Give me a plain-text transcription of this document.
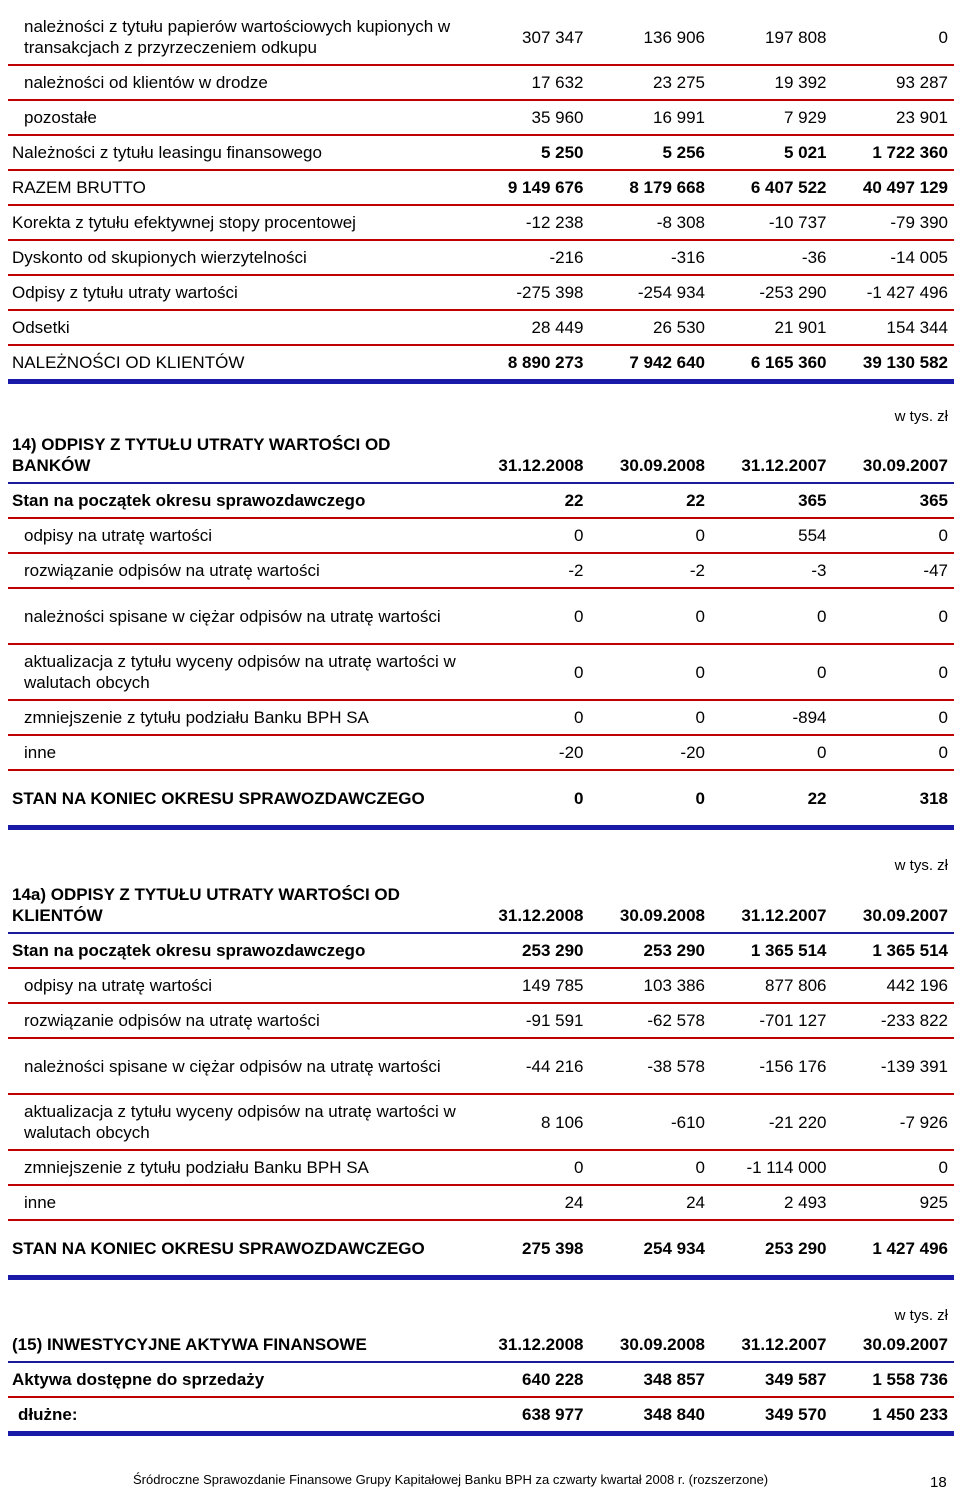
należności z tytułu papierów wartościowych kupionych w transakcjach z przyrzeczeniem odkupu	307 347	136 906	197 808	0
należności od klientów w drodze	17 632	23 275	19 392	93 287
pozostałe	35 960	16 991	7 929	23 901
Należności z tytułu leasingu finansowego	5 250	5 256	5 021	1 722 360
RAZEM BRUTTO	9 149 676	8 179 668	6 407 522	40 497 129
Korekta z tytułu efektywnej stopy procentowej	-12 238	-8 308	-10 737	-79 390
Dyskonto od skupionych wierzytelności	-216	-316	-36	-14 005
Odpisy z tytułu utraty wartości	-275 398	-254 934	-253 290	-1 427 496
Odsetki	28 449	26 530	21 901	154 344
NALEŻNOŚCI OD KLIENTÓW	8 890 273	7 942 640	6 165 360	39 130 582
w tys. zł
14) ODPISY Z TYTUŁU UTRATY WARTOŚCI OD BANKÓW	31.12.2008	30.09.2008	31.12.2007	30.09.2007
Stan na początek okresu sprawozdawczego	22	22	365	365
odpisy na utratę wartości	0	0	554	0
rozwiązanie odpisów na utratę wartości	-2	-2	-3	-47
należności spisane w ciężar odpisów na utratę wartości	0	0	0	0
aktualizacja z tytułu wyceny odpisów na utratę wartości w walutach obcych	0	0	0	0
zmniejszenie z tytułu podziału Banku BPH SA	0	0	-894	0
inne	-20	-20	0	0
STAN NA KONIEC OKRESU SPRAWOZDAWCZEGO	0	0	22	318
w tys. zł
14a) ODPISY Z TYTUŁU UTRATY WARTOŚCI OD KLIENTÓW	31.12.2008	30.09.2008	31.12.2007	30.09.2007
Stan na początek okresu sprawozdawczego	253 290	253 290	1 365 514	1 365 514
odpisy na utratę wartości	149 785	103 386	877 806	442 196
rozwiązanie odpisów na utratę wartości	-91 591	-62 578	-701 127	-233 822
należności spisane w ciężar odpisów na utratę wartości	-44 216	-38 578	-156 176	-139 391
aktualizacja z tytułu wyceny odpisów na utratę wartości w walutach obcych	8 106	-610	-21 220	-7 926
zmniejszenie z tytułu podziału Banku BPH SA	0	0	-1 114 000	0
inne	24	24	2 493	925
STAN NA KONIEC OKRESU SPRAWOZDAWCZEGO	275 398	254 934	253 290	1 427 496
w tys. zł
(15) INWESTYCYJNE AKTYWA FINANSOWE	31.12.2008	30.09.2008	31.12.2007	30.09.2007
Aktywa dostępne do sprzedaży	640 228	348 857	349 587	1 558 736
dłużne:	638 977	348 840	349 570	1 450 233
Śródroczne Sprawozdanie Finansowe Grupy Kapitałowej Banku BPH za czwarty kwartał 2008 r. (rozszerzone)	18
